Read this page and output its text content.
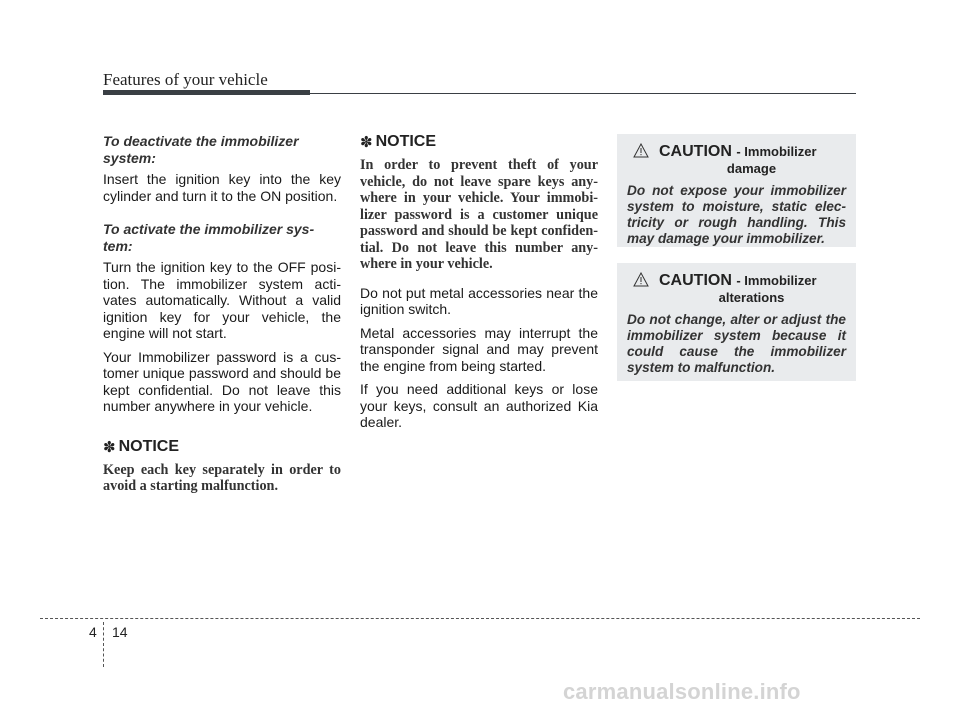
Features of your vehicle

To deactivate the immobilizer system:

Insert the ignition key into the key cylinder and turn it to the ON position.

To activate the immobilizer sys- tem:

Turn the ignition key to the OFF posi- tion. The immobilizer system acti- vates automatically. Without a valid ignition key for your vehicle, the engine will not start.

Your Immobilizer password is a cus- tomer unique password and should be kept confidential. Do not leave this number anywhere in your vehicle.

✽ NOTICE

Keep each key separately in order to avoid a starting malfunction.

✽ NOTICE

In order to prevent theft of your vehicle, do not leave spare keys any- where in your vehicle. Your immobi- lizer password is a customer unique password and should be kept confiden- tial. Do not leave this number any- where in your vehicle.

Do not put metal accessories near the ignition switch.

Metal accessories may interrupt the transponder signal and may prevent the engine from being started.

If you need additional keys or lose your keys, consult an authorized Kia dealer.

CAUTION - Immobilizer
damage
Do not expose your immobilizer system to moisture, static elec- tricity or rough handling. This may damage your immobilizer.
CAUTION - Immobilizer
alterations
Do not change, alter or adjust the immobilizer system because it could cause the immobilizer system to malfunction.
4 14
carmanualsonline.info
